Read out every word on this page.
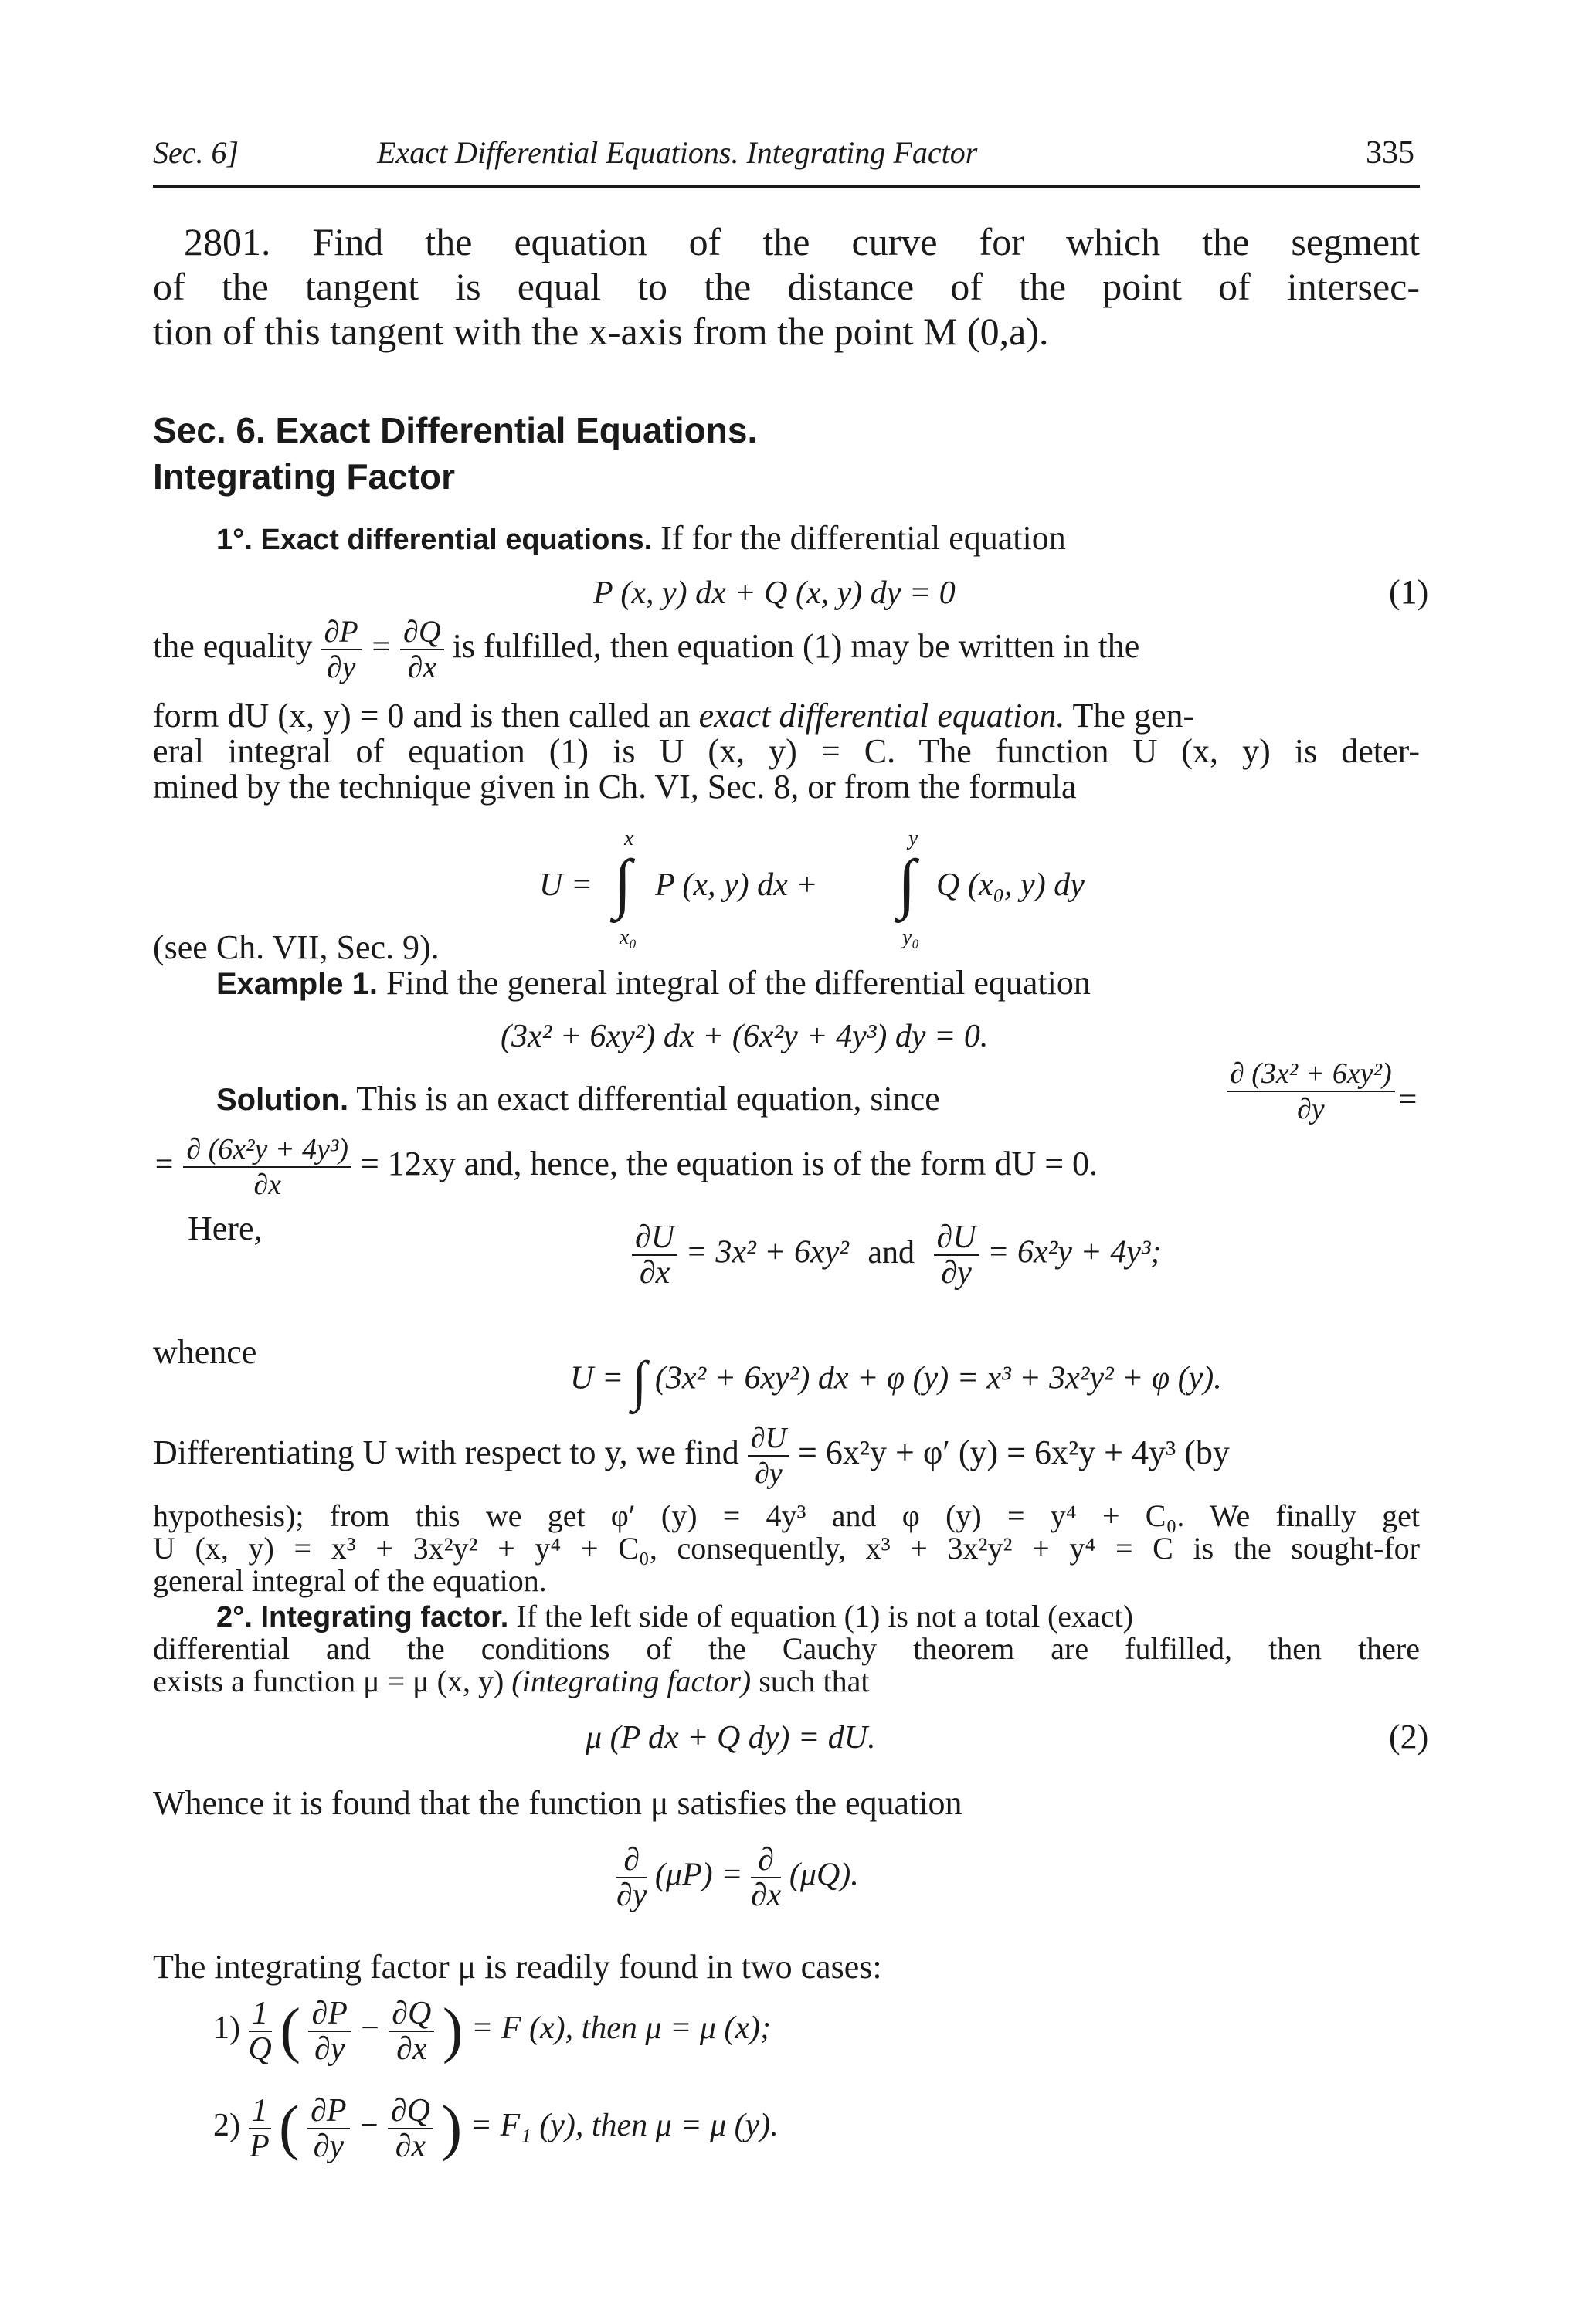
Sec. 6]	Exact Differential Equations. Integrating Factor	335
2801. Find the equation of the curve for which the segment
of the tangent is equal to the distance of the point of intersec-
tion of this tangent with the x-axis from the point M (0,a).
Sec. 6. Exact Differential Equations.
Integrating Factor
1°. Exact differential equations. If for the differential equation
P (x, y) dx + Q (x, y) dy = 0	(1)
the equality $\frac{\partial P}{\partial y} = \frac{\partial Q}{\partial x}$ is fulfilled, then equation (1) may be written in the
form dU (x, y) = 0 and is then called an exact differential equation. The gen-
eral integral of equation (1) is U (x, y) = C. The function U (x, y) is deter-
mined by the technique given in Ch. VI, Sec. 8, or from the formula
U =
x
∫
x₀
P (x, y) dx +
y
∫
y₀
Q (x₀, y) dy
(see Ch. VII, Sec. 9).
Example 1. Find the general integral of the differential equation
(3x² + 6xy²) dx + (6x²y + 4y³) dy = 0.
Solution. This is an exact differential equation, since	$\frac{\text{∂ (3x² + 6xy²)}}{\partial y}$ =
= $\frac{\text{∂ (6x²y + 4y³)}}{\partial x} = 12xy$ and, hence, the equation is of the form dU = 0.
Here,	$\frac{\partial U}{\partial x} = 3x^2 + 6xy^2$ and $\frac{\partial U}{\partial y} = 6x^2y + 4y^3$;
whence
U = ∫ (3x² + 6xy²) dx + φ (y) = x³ + 3x²y² + φ (y).
Differentiating U with respect to y, we find $\frac{\partial U}{\partial y} = 6x^2y + \varphi'$ (y) = 6x²y + 4y³ (by
hypothesis); from this we get φ′ (y) = 4y³ and φ (y) = y⁴ + C₀. We finally get
U (x, y) = x³ + 3x²y² + y⁴ + C₀, consequently, x³ + 3x²y² + y⁴ = C is the sought-for
general integral of the equation.
2°. Integrating factor. If the left side of equation (1) is not a total (exact)
differential and the conditions of the Cauchy theorem are fulfilled, then there
exists a function μ = μ (x, y) (integrating factor) such that
μ (P dx + Q dy) = dU.	(2)
Whence it is found that the function μ satisfies the equation
$\frac{\partial}{\partial y} (\mu P) = \frac{\partial}{\partial x} (\mu Q)$.
The integrating factor μ is readily found in two cases:
$1) \frac{1}{Q}$ ( $\frac{\partial P}{\partial y} - \frac{\partial Q}{\partial x}$ ) = F (x), then μ = μ (x);
$2) \frac{1}{P}$ ( $\frac{\partial P}{\partial y} - \frac{\partial Q}{\partial x}$ ) = F₁ (y), then μ = μ (y).
